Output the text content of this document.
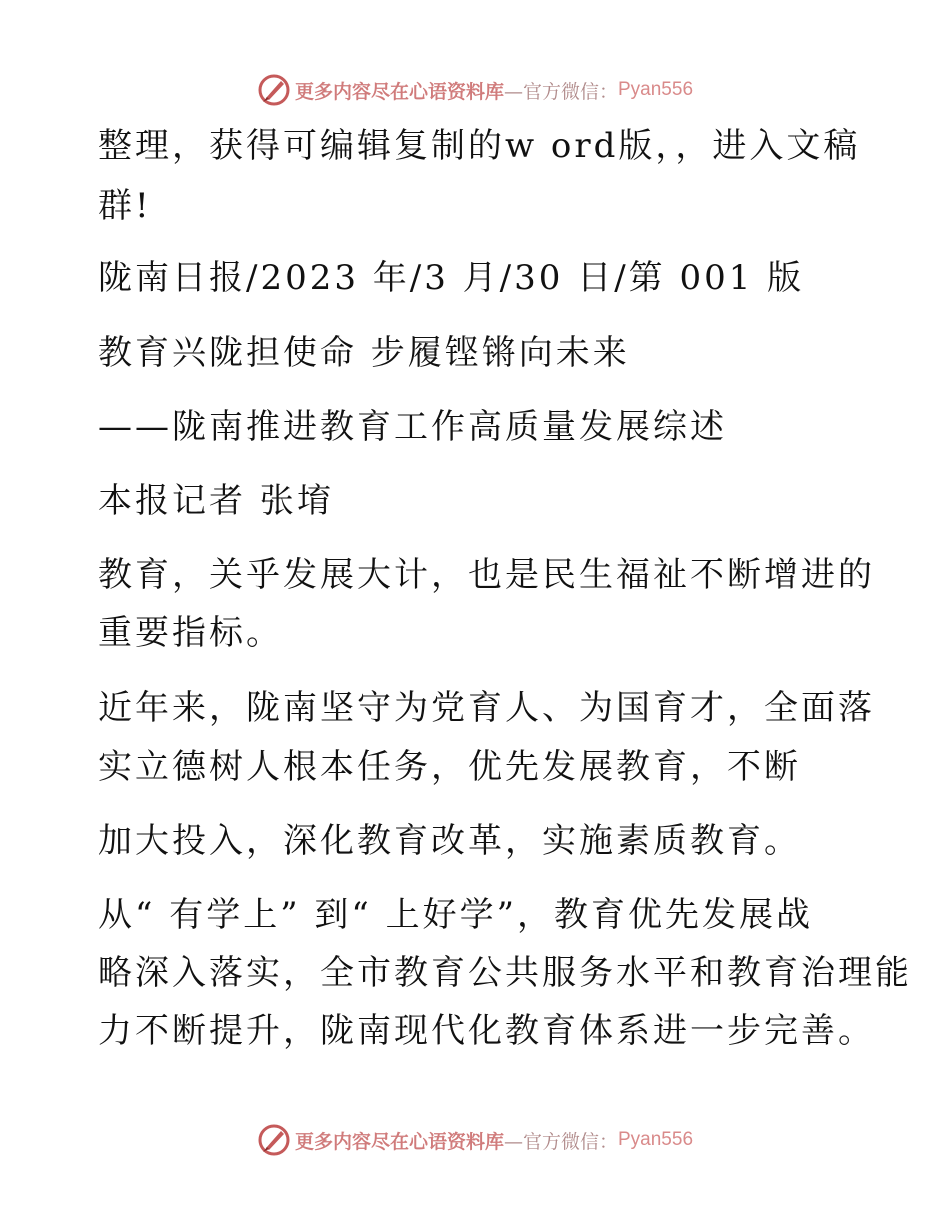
更多内容尽在心语资料库 —官方微信： Pyan556

整理，获得可编辑复制的w ord版，，进入文稿

群!

陇南日报/2023 年/3 月/30 日/第 001 版

教育兴陇担使命 步履铿锵向未来

——陇南推进教育工作高质量发展综述

本报记者 张堉

教育，关乎发展大计，也是民生福祉不断增进的

重要指标。

近年来，陇南坚守为党育人、为国育才，全面落

实立德树人根本任务，优先发展教育，不断

加大投入，深化教育改革，实施素质教育。

从“ 有学上” 到“ 上好学”，教育优先发展战

略深入落实，全市教育公共服务水平和教育治理能

力不断提升，陇南现代化教育体系进一步完善。

更多内容尽在心语资料库 —官方微信： Pyan556
